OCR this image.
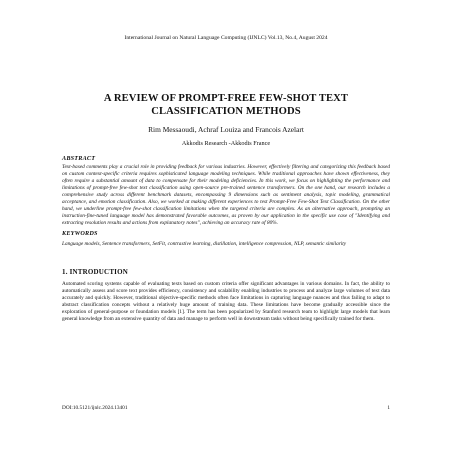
International Journal on Natural Language Computing (IJNLC) Vol.13, No.4, August 2024
A REVIEW OF PROMPT-FREE FEW-SHOT TEXT
CLASSIFICATION METHODS
Rim Messaoudi, Achraf Louiza and Francois Azelart
Akkodis Research -Akkodis France
ABSTRACT
Text-based comments play a crucial role in providing feedback for various industries. However, effectively filtering and categorizing this feedback based on custom context-specific criteria requires sophisticated language modeling techniques. While traditional approaches have shown effectiveness, they often require a substantial amount of data to compensate for their modeling deficiencies. In this work, we focus on highlighting the performance and limitations of prompt-free few-shot text classification using open-source pre-trained sentence transformers. On the one hand, our research includes a comprehensive study across different benchmark datasets, encompassing 9 dimensions such as sentiment analysis, topic modeling, grammatical acceptance, and emotion classification. Also, we worked at making different experiences to test Prompt-Free Few-Shot Text Classification. On the other hand, we underline prompt-free few-shot classification limitations when the targeted criteria are complex. As an alternative approach, prompting an instruction-fine-tuned language model has demonstrated favorable outcomes, as proven by our application in the specific use case of "Identifying and extracting resolution results and actions from explanatory notes", achieving an accuracy rate of 80%.
KEYWORDS
Language models, Sentence transformers, SetFit, contrastive learning, distillation, intelligence compression, NLP, semantic similarity
1. INTRODUCTION
Automated scoring systems capable of evaluating texts based on custom criteria offer significant advantages in various domains. In fact, the ability to automatically assess and score text provides efficiency, consistency and scalability enabling industries to process and analyze large volumes of text data accurately and quickly. However, traditional objective-specific methods often face limitations in capturing language nuances and thus failing to adapt to abstract classification concepts without a relatively huge amount of training data. These limitations have become gradually accessible since the exploration of general-purpose or foundation models [1]. The term has been popularized by Stanford research team to highlight large models that learn general knowledge from an extensive quantity of data and manage to perform well in downstream tasks without being specifically trained for them.
DOI:10.5121/ijnlc.2024.13401	1
